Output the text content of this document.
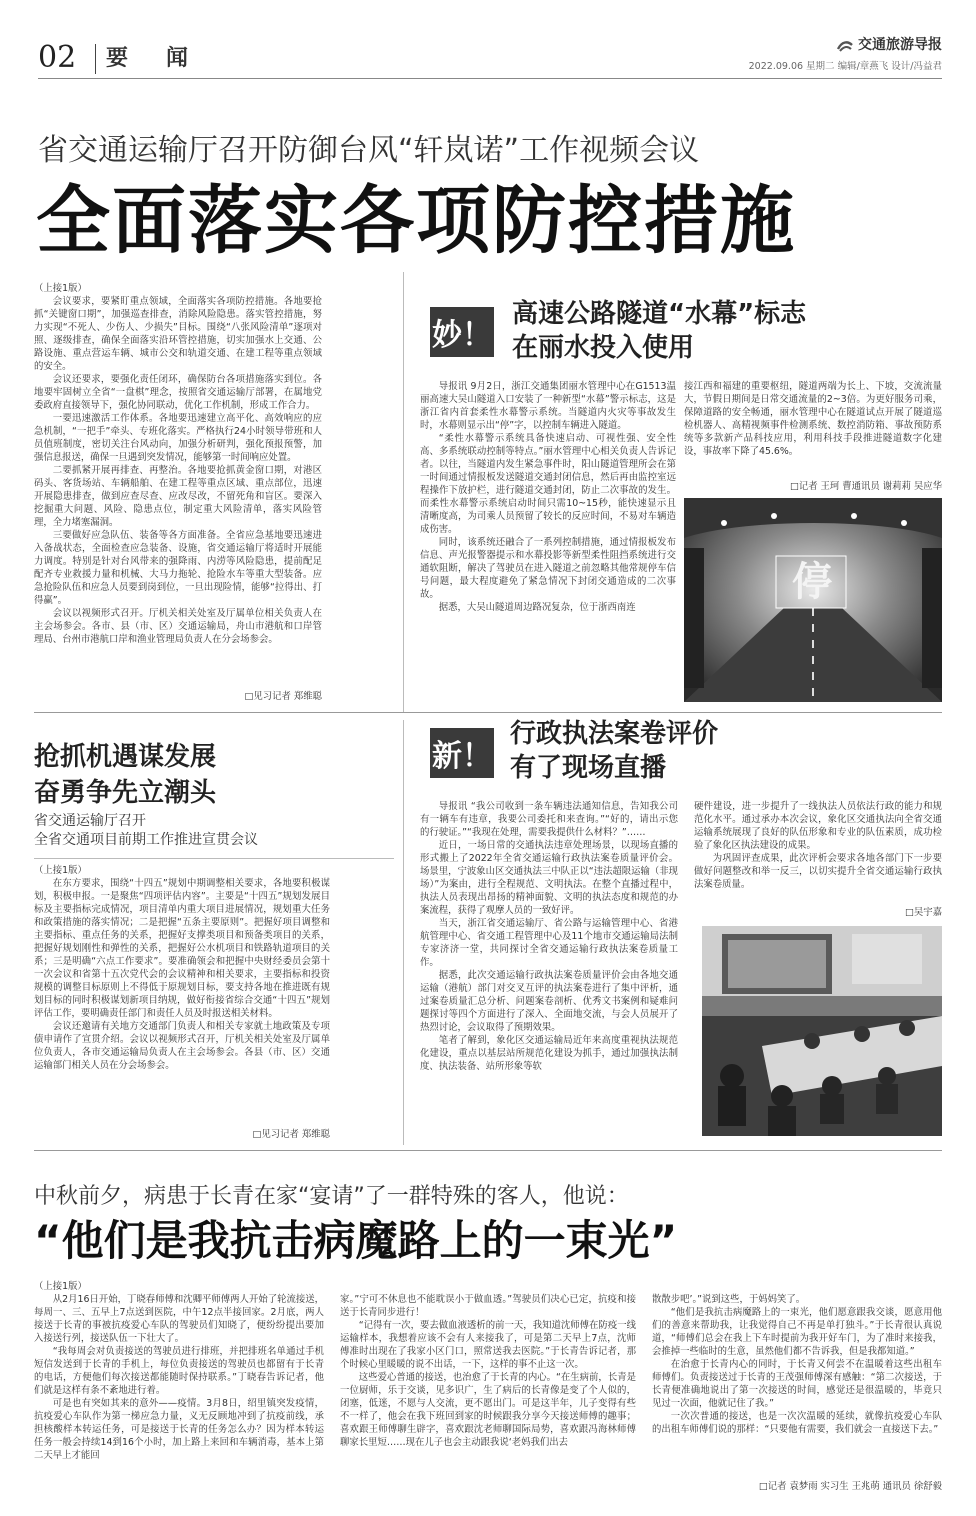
02 要　闻
交通旅游导报
2022.09.06 星期二 编辑/章燕飞 设计/冯益君
省交通运输厅召开防御台风“轩岚诺”工作视频会议
全面落实各项防控措施

（上接1版）

会议要求，要紧盯重点领域，全面落实各项防控措施。各地要抢抓“关键窗口期”，加强巡查排查，消除风险隐患。落实管控措施，努力实现“不死人、少伤人、少损失”目标。围绕“八张风险清单”逐项对照、逐级排查，确保全面落实沿环管控措施，切实加强水上交通、公路设施、重点营运车辆、城市公交和轨道交通、在建工程等重点领域的安全。

会议还要求，要强化责任闭环，确保防台各项措施落实到位。各地要牢固树立全省“一盘棋”理念，按照省交通运输厅部署，在属地党委政府直接领导下，强化协同联动，优化工作机制，形成工作合力。

一要迅速激活工作体系。各地要迅速建立高平化、高效响应的应急机制，“一把手”牵头、专班化落实。严格执行24小时领导带班和人员值班制度，密切关注台风动向，加强分析研判，强化预报预警，加强信息报送，确保一旦遇到突发情况，能够第一时间响应处置。

二要抓紧开展再排查、再整治。各地要抢抓黄金窗口期，对港区码头、客货场站、车辆船舶、在建工程等重点区域、重点部位，迅速开展隐患排查，做到应查尽查、应改尽改，不留死角和盲区。要深入挖掘重大问题、风险、隐患点位，制定重大风险清单，落实风险管理，全力堵塞漏洞。

三要做好应急队伍、装备等各方面准备。全省应急基地要迅速进入备战状态，全面检查应急装备、设施，省交通运输厅将适时开展能力调度。特别是针对台风带来的强降雨、内涝等风险隐患，提前配足配齐专业救援力量和机械、大马力拖轮、抢险水车等重大型装备。应急抢险队伍和应急人员要到岗到位，一旦出现险情，能够“拉得出、打得赢”。

会议以视频形式召开。厅机关相关处室及厅属单位相关负责人在主会场参会。各市、县（市、区）交通运输局，舟山市港航和口岸管理局、台州市港航口岸和渔业管理局负责人在分会场参会。

□见习记者 郑维聪
妙！
高速公路隧道“水幕”标志
在丽水投入使用

导报讯 9月2日，浙江交通集团丽水管理中心在G1513温丽高速大吴山隧道入口安装了一种新型“水幕”警示标志，这是浙江省内首套柔性水幕警示系统。当隧道内火灾等事故发生时，水幕则显示出“停”字，以控制车辆进入隧道。

“柔性水幕警示系统具备快速启动、可视性强、安全性高、多系统联动控制等特点。”丽水管理中心相关负责人告诉记者。以往，当隧道内发生紧急事件时，阳山隧道管理所会在第一时间通过情报板发送隧道交通封闭信息，然后再由监控室远程操作下放护栏，进行隧道交通封闭，防止二次事故的发生。而柔性水幕警示系统启动时间只需10~15秒，能快速显示且清晰度高，为司乘人员预留了较长的反应时间，不易对车辆造成伤害。

同时，该系统还融合了一系列控制措施，通过情报板发布信息、声光报警器提示和水幕投影等新型柔性阻挡系统进行交通软阻断，解决了驾驶员在进入隧道之前忽略其他常规停车信号问题，最大程度避免了紧急情况下封闭交通造成的二次事故。

据悉，大吴山隧道周边路况复杂，位于浙西南连

接江西和福建的重要枢纽，隧道两端为长上、下坡，交流流量大，节假日期间是日常交通流量的2~3倍。为更好服务司乘，保障道路的安全畅通，丽水管理中心在隧道试点开展了隧道巡检机器人、高精视频事件检测系统、数控消防箱、事故预防系统等多款新产品科技应用，利用科技手段推进隧道数字化建设，事故率下降了45.6%。

□记者 王珂 曹通讯员 谢莉莉 吴应华
停
抢抓机遇谋发展
奋勇争先立潮头
省交通运输厅召开
全省交通项目前期工作推进宣贯会议

（上接1版）

在东方要求，围绕“十四五”规划中期调整相关要求，各地要积极谋划，积极申报。一是聚焦“四项评估内容”。主要是“十四五”规划发展目标及主要指标完成情况，项目清单内重大项目进展情况，规划重大任务和政策措施的落实情况；二是把握“五条主要原则”。把握好项目调整和主要指标、重点任务的关系，把握好支撑类项目和预备类项目的关系，把握好规划刚性和弹性的关系，把握好公水机项目和铁路轨道项目的关系；三是明确“六点工作要求”。要准确领会和把握中央财经委员会第十一次会议和省第十五次党代会的会议精神和相关要求，主要指标和投资规模的调整目标原则上不得低于原规划目标，要支持各地在推进既有规划目标的同时积极谋划新项目纳规，做好衔接省综合交通“十四五”规划评估工作，要明确责任部门和责任人员及时报送相关材料。

会议还邀请有关地方交通部门负责人和相关专家就土地政策及专项债申请作了宣贯介绍。会议以视频形式召开，厅机关相关处室及厅属单位负责人，各市交通运输局负责人在主会场参会。各县（市、区）交通运输部门相关人员在分会场参会。

□见习记者 郑维聪
新！
行政执法案卷评价
有了现场直播

导报讯 “我公司收到一条车辆违法通知信息，告知我公司有一辆车有违章，我要公司委托和来查询。”“好的，请出示您的行驶证。”“我现在处理，需要我提供什么材料？”……

近日，一场日常的交通执法违章处理场景，以现场直播的形式搬上了2022年全省交通运输行政执法案卷质量评价会。场景里，宁波象山区交通执法三中队正以“违法超限运输（非现场）”为案由，进行全程规范、文明执法。在整个直播过程中，执法人员表现出昂扬的精神面貌、文明的执法态度和规范的办案流程，获得了观摩人员的一致好评。

当天，浙江省交通运输厅、省公路与运输管理中心、省港航管理中心、省交通工程管理中心及11个地市交通运输局法制专家济济一堂，共同探讨全省交通运输行政执法案卷质量工作。

据悉，此次交通运输行政执法案卷质量评价会由各地交通运输（港航）部门对交叉互评的执法案卷进行了集中评析，通过案卷质量汇总分析、问题案卷剖析、优秀文书案例和疑难问题探讨等四个方面进行了深入、全面地交流，与会人员展开了热烈讨论，会议取得了预期效果。

笔者了解到，象化区交通运输局近年来高度重视执法规范化建设，重点以基层站所规范化建设为抓手，通过加强执法制度、执法装备、站所形象等软

硬件建设，进一步提升了一线执法人员依法行政的能力和规范化水平。通过承办本次会议，象化区交通执法向全省交通运输系统展现了良好的队伍形象和专业的队伍素质，成功检验了象化区执法建设的成果。

为巩固评查成果，此次评析会要求各地各部门下一步要做好问题整改和举一反三，以切实提升全省交通运输行政执法案卷质量。

□吴宇嘉
中秋前夕，病患于长青在家“宴请”了一群特殊的客人，他说：
“他们是我抗击病魔路上的一束光”

（上接1版）

从2月16日开始，丁晓春师傅和沈卿平师傅两人开始了轮流接送，每周一、三、五早上7点送到医院，中午12点半接回家。2月底，两人接送于长青的事被抗疫爱心车队的驾驶员们知晓了，便纷纷提出要加入接送行列，接送队伍一下壮大了。

“我每周会对负责接送的驾驶员进行排班，并把排班名单通过手机短信发送到于长青的手机上，每位负责接送的驾驶员也都留有于长青的电话，方便他们每次接送都能随时保持联系。”丁晓春告诉记者，他们就是这样有条不紊地进行着。

可是也有突如其来的意外——疫情。3月8日，绍里镇突发疫情，抗疫爱心车队作为第一梯应急力量，义无反顾地冲到了抗疫前线，承担核酸样本转运任务，可是接送于长青的任务怎么办？因为样本转运任务一般会持续14到16个小时，加上路上来回和车辆消毒，基本上第二天早上才能回

家。”宁可不休息也不能耽误小于做血透。”驾驶员们决心已定，抗疫和接送于长青同步进行！

“记得有一次，要去做血液透析的前一天，我知道沈师傅在防疫一线运输样本，我想着应该不会有人来接我了，可是第二天早上7点，沈师傅准时出现在了我家小区门口，照常送我去医院。”于长青告诉记者，那个时候心里暖暖的说不出话，一下，这样的事不止这一次。

这些爱心普通的接送，也治愈了于长青的内心。“在生病前，长青是一位厨师，乐于交谈，见多识广，生了病后的长青像是变了个人似的，闭塞，低迷，不愿与人交流，更不愿出门。可是这半年，儿子变得有些不一样了，他会在我下班回到家的时候跟我分享今天接送师傅的趣事；喜欢跟王师傅聊生辟字，喜欢跟沈老师聊国际局势，喜欢跟冯海林师傅聊家长里短……现在儿子也会主动跟我说‘老妈我们出去

散散步吧’。”说到这些，于妈妈笑了。

“他们是我抗击病魔路上的一束光，他们愿意跟我交谈，愿意用他们的善意来帮助我，让我觉得自己不再是单打独斗。”于长青很认真说道，“师傅们总会在我上下车时提前为我开好车门，为了准时来接我，会推掉一些临时的生意，虽然他们都不告诉我，但是我都知道。”

在治愈于长青内心的同时，于长青又何尝不在温暖着这些出租车师傅们。负责接送过于长青的王茂强师傅深有感触：“第二次接送，于长青便准确地说出了第一次接送的时间，感觉还是很温暖的，毕竟只见过一次面，他就记住了我。”

一次次普通的接送，也是一次次温暖的延续，就像抗疫爱心车队的出租车师傅们说的那样：“只要他有需要，我们就会一直接送下去。”

□记者 袁梦雨 实习生 王兆萌 通讯员 徐舒毅
